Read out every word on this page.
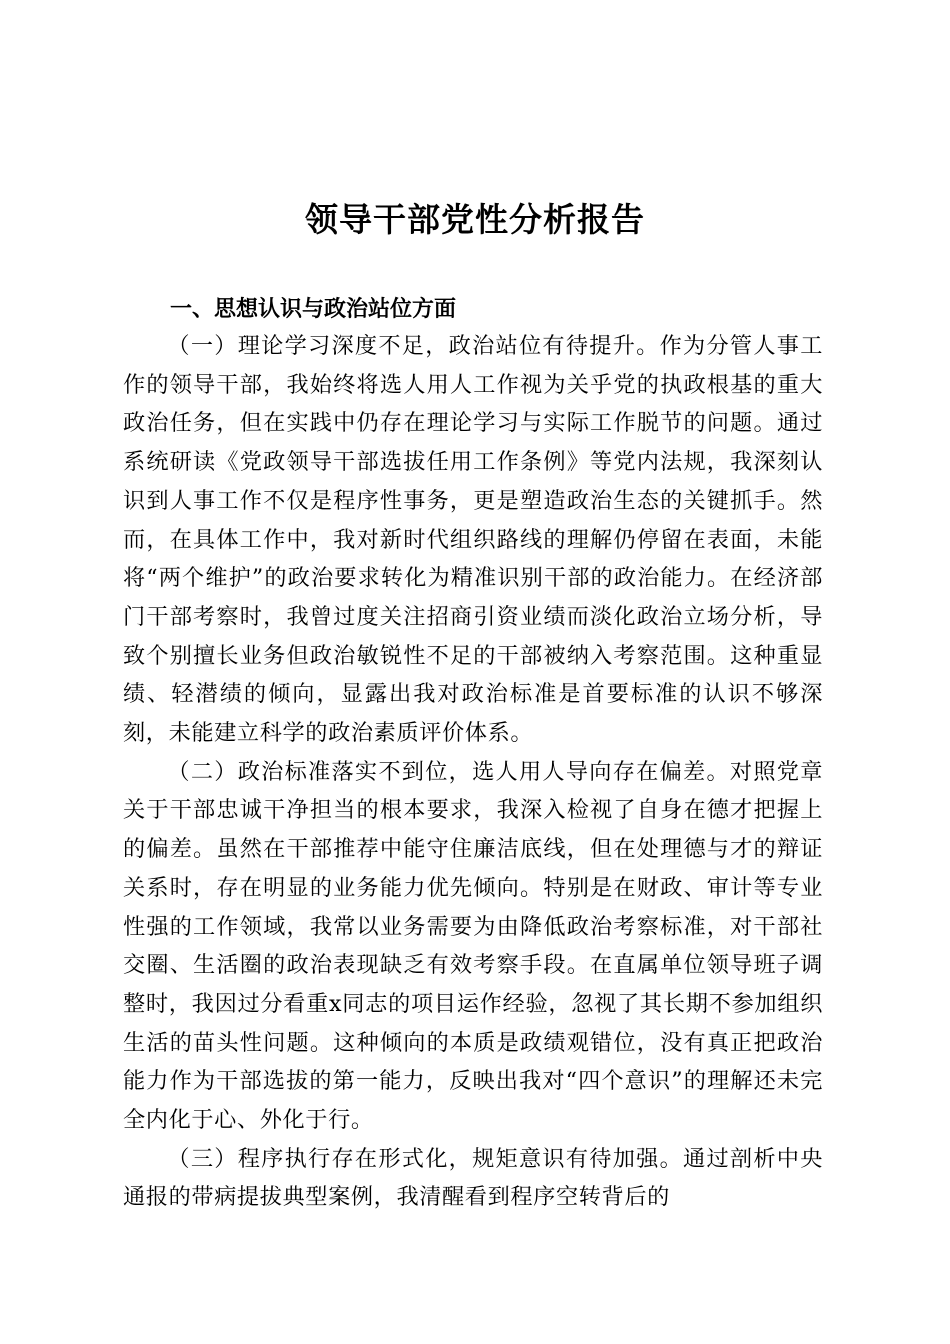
领导干部党性分析报告
一、思想认识与政治站位方面

（一）理论学习深度不足，政治站位有待提升。作为分管人事工作的领导干部，我始终将选人用人工作视为关乎党的执政根基的重大政治任务，但在实践中仍存在理论学习与实际工作脱节的问题。通过系统研读《党政领导干部选拔任用工作条例》等党内法规，我深刻认识到人事工作不仅是程序性事务，更是塑造政治生态的关键抓手。然而，在具体工作中，我对新时代组织路线的理解仍停留在表面，未能将“两个维护”的政治要求转化为精准识别干部的政治能力。在经济部门干部考察时，我曾过度关注招商引资业绩而淡化政治立场分析，导致个别擅长业务但政治敏锐性不足的干部被纳入考察范围。这种重显绩、轻潜绩的倾向，显露出我对政治标准是首要标准的认识不够深刻，未能建立科学的政治素质评价体系。

（二）政治标准落实不到位，选人用人导向存在偏差。对照党章关于干部忠诚干净担当的根本要求，我深入检视了自身在德才把握上的偏差。虽然在干部推荐中能守住廉洁底线，但在处理德与才的辩证关系时，存在明显的业务能力优先倾向。特别是在财政、审计等专业性强的工作领域，我常以业务需要为由降低政治考察标准，对干部社交圈、生活圈的政治表现缺乏有效考察手段。在直属单位领导班子调整时，我因过分看重x同志的项目运作经验，忽视了其长期不参加组织生活的苗头性问题。这种倾向的本质是政绩观错位，没有真正把政治能力作为干部选拔的第一能力，反映出我对“四个意识”的理解还未完全内化于心、外化于行。

（三）程序执行存在形式化，规矩意识有待加强。通过剖析中央通报的带病提拔典型案例，我清醒看到程序空转背后的
